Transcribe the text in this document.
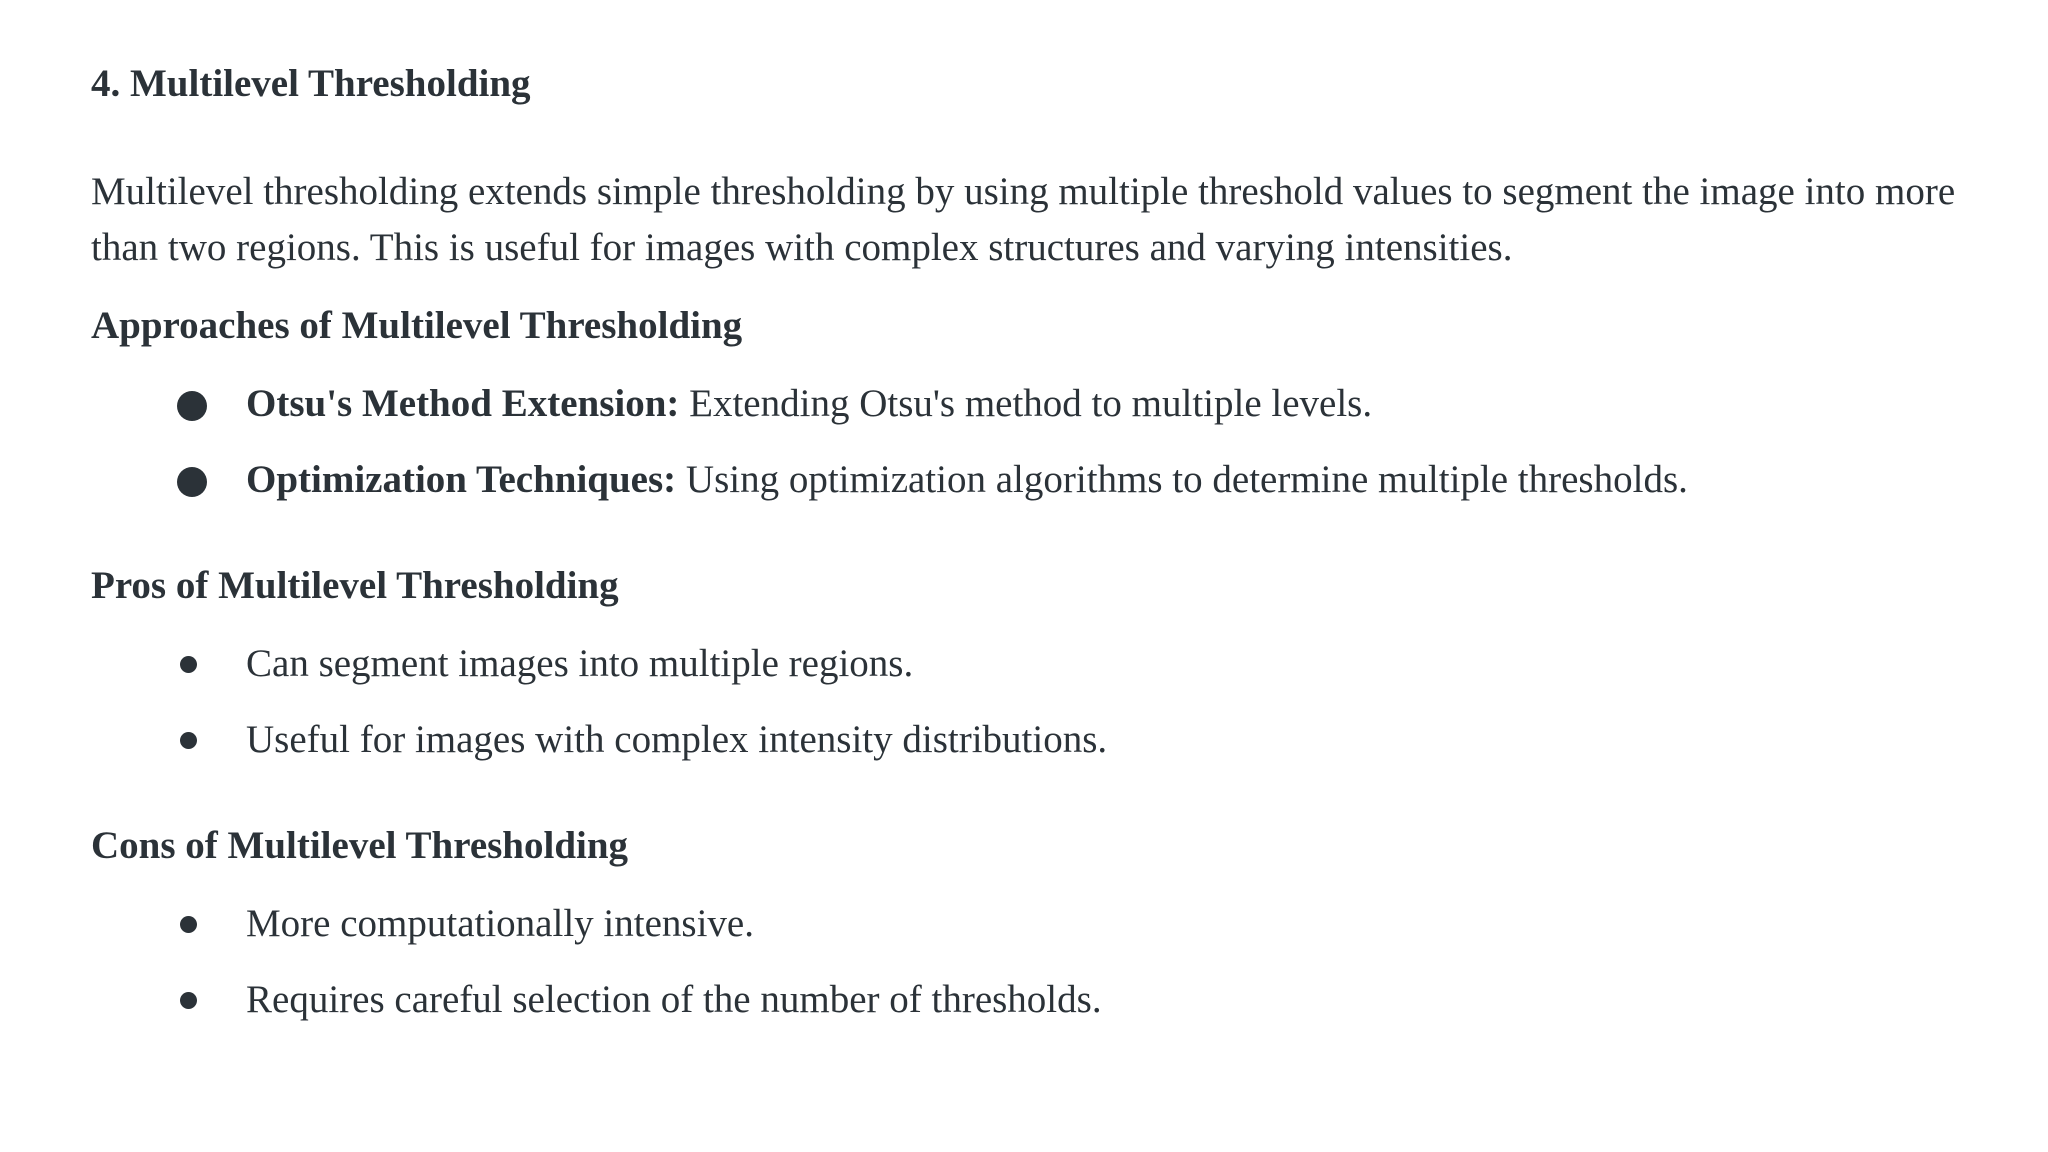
4. Multilevel Thresholding

Multilevel thresholding extends simple thresholding by using multiple threshold values to segment the image into more than two regions. This is useful for images with complex structures and varying intensities.

Approaches of Multilevel Thresholding
Otsu's Method Extension: Extending Otsu's method to multiple levels.
Optimization Techniques: Using optimization algorithms to determine multiple thresholds.
Pros of Multilevel Thresholding
Can segment images into multiple regions.
Useful for images with complex intensity distributions.
Cons of Multilevel Thresholding
More computationally intensive.
Requires careful selection of the number of thresholds.
